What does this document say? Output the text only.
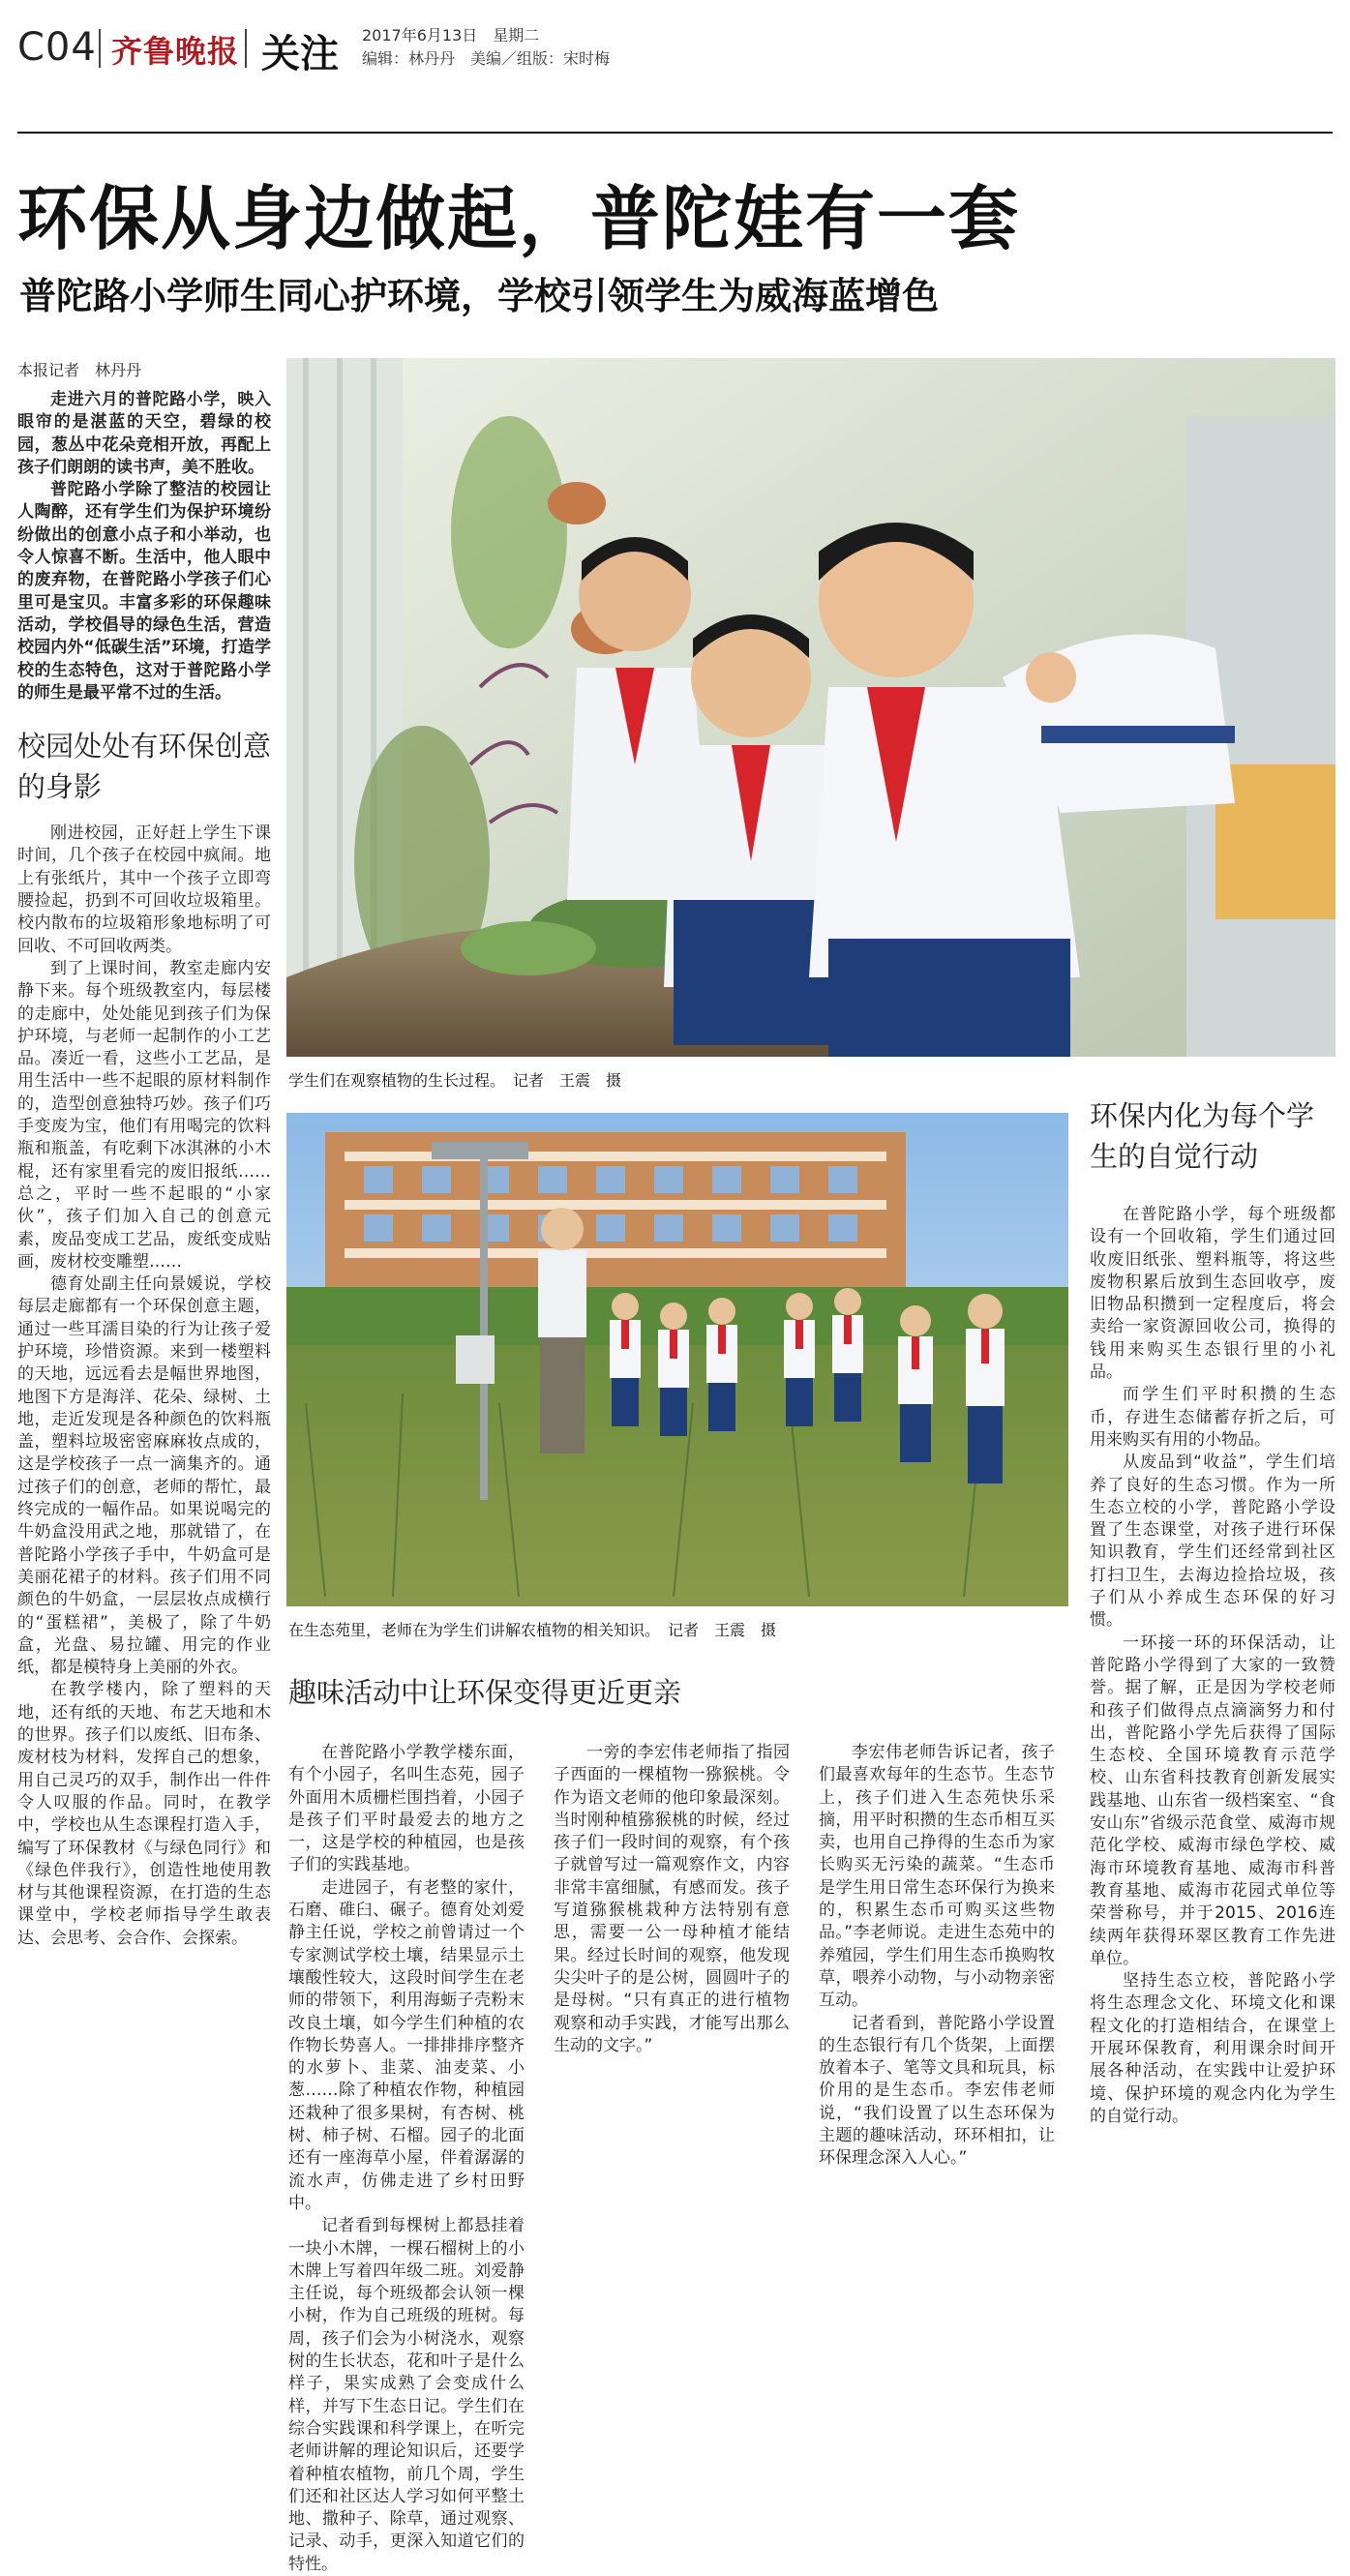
C04 齐鲁晚报 关注 2017年6月13日　星期二
编辑：林丹丹　美编／组版：宋时梅
环保从身边做起，普陀娃有一套
普陀路小学师生同心护环境，学校引领学生为威海蓝增色
本报记者　林丹丹

走进六月的普陀路小学，映入眼帘的是湛蓝的天空，碧绿的校园，葱丛中花朵竞相开放，再配上孩子们朗朗的读书声，美不胜收。

普陀路小学除了整洁的校园让人陶醉，还有学生们为保护环境纷纷做出的创意小点子和小举动，也令人惊喜不断。生活中，他人眼中的废弃物，在普陀路小学孩子们心里可是宝贝。丰富多彩的环保趣味活动，学校倡导的绿色生活，营造校园内外“低碳生活”环境，打造学校的生态特色，这对于普陀路小学的师生是最平常不过的生活。

校园处处有环保创意的身影

刚进校园，正好赶上学生下课时间，几个孩子在校园中疯闹。地上有张纸片，其中一个孩子立即弯腰捡起，扔到不可回收垃圾箱里。校内散布的垃圾箱形象地标明了可回收、不可回收两类。

到了上课时间，教室走廊内安静下来。每个班级教室内，每层楼的走廊中，处处能见到孩子们为保护环境，与老师一起制作的小工艺品。凑近一看，这些小工艺品，是用生活中一些不起眼的原材料制作的，造型创意独特巧妙。孩子们巧手变废为宝，他们有用喝完的饮料瓶和瓶盖，有吃剩下冰淇淋的小木棍，还有家里看完的废旧报纸……总之，平时一些不起眼的“小家伙”，孩子们加入自己的创意元素，废品变成工艺品，废纸变成贴画，废材校变雕塑……

德育处副主任向景媛说，学校每层走廊都有一个环保创意主题，通过一些耳濡目染的行为让孩子爱护环境，珍惜资源。来到一楼塑料的天地，远远看去是幅世界地图，地图下方是海洋、花朵、绿树、土地，走近发现是各种颜色的饮料瓶盖，塑料垃圾密密麻麻妆点成的，这是学校孩子一点一滴集齐的。通过孩子们的创意，老师的帮忙，最终完成的一幅作品。如果说喝完的牛奶盒没用武之地，那就错了，在普陀路小学孩子手中，牛奶盒可是美丽花裙子的材料。孩子们用不同颜色的牛奶盒，一层层妆点成横行的“蛋糕裙”，美极了，除了牛奶盒，光盘、易拉罐、用完的作业纸，都是模特身上美丽的外衣。

在教学楼内，除了塑料的天地，还有纸的天地、布艺天地和木的世界。孩子们以废纸、旧布条、废材枝为材料，发挥自己的想象，用自己灵巧的双手，制作出一件件令人叹服的作品。同时，在教学中，学校也从生态课程打造入手，编写了环保教材《与绿色同行》和《绿色伴我行》，创造性地使用教材与其他课程资源，在打造的生态课堂中，学校老师指导学生敢表达、会思考、会合作、会探索。

学生们在观察植物的生长过程。　记者　王震　摄
在生态苑里，老师在为学生们讲解农植物的相关知识。　记者　王震　摄
趣味活动中让环保变得更近更亲

在普陀路小学教学楼东面，有个小园子，名叫生态苑，园子外面用木质栅栏围挡着，小园子是孩子们平时最爱去的地方之一，这是学校的种植园，也是孩子们的实践基地。

走进园子，有老整的家什，石磨、碓臼、碾子。德育处刘爱静主任说，学校之前曾请过一个专家测试学校土壤，结果显示土壤酸性较大，这段时间学生在老师的带领下，利用海蛎子壳粉末改良土壤，如今学生们种植的农作物长势喜人。一排排排序整齐的水萝卜、韭菜、油麦菜、小葱……除了种植农作物，种植园还栽种了很多果树，有杏树、桃树、柿子树、石榴。园子的北面还有一座海草小屋，伴着潺潺的流水声，仿佛走进了乡村田野中。

记者看到每棵树上都悬挂着一块小木牌，一棵石榴树上的小木牌上写着四年级二班。刘爱静主任说，每个班级都会认领一棵小树，作为自己班级的班树。每周，孩子们会为小树浇水，观察树的生长状态，花和叶子是什么样子，果实成熟了会变成什么样，并写下生态日记。学生们在综合实践课和科学课上，在听完老师讲解的理论知识后，还要学着种植农植物，前几个周，学生们还和社区达人学习如何平整土地、撒种子、除草，通过观察、记录、动手，更深入知道它们的特性。

一旁的李宏伟老师指了指园子西面的一棵植物一猕猴桃。令作为语文老师的他印象最深刻。当时刚种植猕猴桃的时候，经过孩子们一段时间的观察，有个孩子就曾写过一篇观察作文，内容非常丰富细腻，有感而发。孩子写道猕猴桃栽种方法特别有意思，需要一公一母种植才能结果。经过长时间的观察，他发现尖尖叶子的是公树，圆圆叶子的是母树。“只有真正的进行植物观察和动手实践，才能写出那么生动的文字。”

李宏伟老师告诉记者，孩子们最喜欢每年的生态节。生态节上，孩子们进入生态苑快乐采摘，用平时积攒的生态币相互买卖，也用自己挣得的生态币为家长购买无污染的蔬菜。“生态币是学生用日常生态环保行为换来的，积累生态币可购买这些物品。”李老师说。走进生态苑中的养殖园，学生们用生态币换购牧草，喂养小动物，与小动物亲密互动。

记者看到，普陀路小学设置的生态银行有几个货架，上面摆放着本子、笔等文具和玩具，标价用的是生态币。李宏伟老师说，“我们设置了以生态环保为主题的趣味活动，环环相扣，让环保理念深入人心。”

环保内化为每个学生的自觉行动

在普陀路小学，每个班级都设有一个回收箱，学生们通过回收废旧纸张、塑料瓶等，将这些废物积累后放到生态回收亭，废旧物品积攒到一定程度后，将会卖给一家资源回收公司，换得的钱用来购买生态银行里的小礼品。

而学生们平时积攒的生态币，存进生态储蓄存折之后，可用来购买有用的小物品。

从废品到“收益”，学生们培养了良好的生态习惯。作为一所生态立校的小学，普陀路小学设置了生态课堂，对孩子进行环保知识教育，学生们还经常到社区打扫卫生，去海边捡拾垃圾，孩子们从小养成生态环保的好习惯。

一环接一环的环保活动，让普陀路小学得到了大家的一致赞誉。据了解，正是因为学校老师和孩子们做得点点滴滴努力和付出，普陀路小学先后获得了国际生态校、全国环境教育示范学校、山东省科技教育创新发展实践基地、山东省一级档案室、“食安山东”省级示范食堂、威海市规范化学校、威海市绿色学校、威海市环境教育基地、威海市科普教育基地、威海市花园式单位等荣誉称号，并于2015、2016连续两年获得环翠区教育工作先进单位。

坚持生态立校，普陀路小学将生态理念文化、环境文化和课程文化的打造相结合，在课堂上开展环保教育，利用课余时间开展各种活动，在实践中让爱护环境、保护环境的观念内化为学生的自觉行动。
